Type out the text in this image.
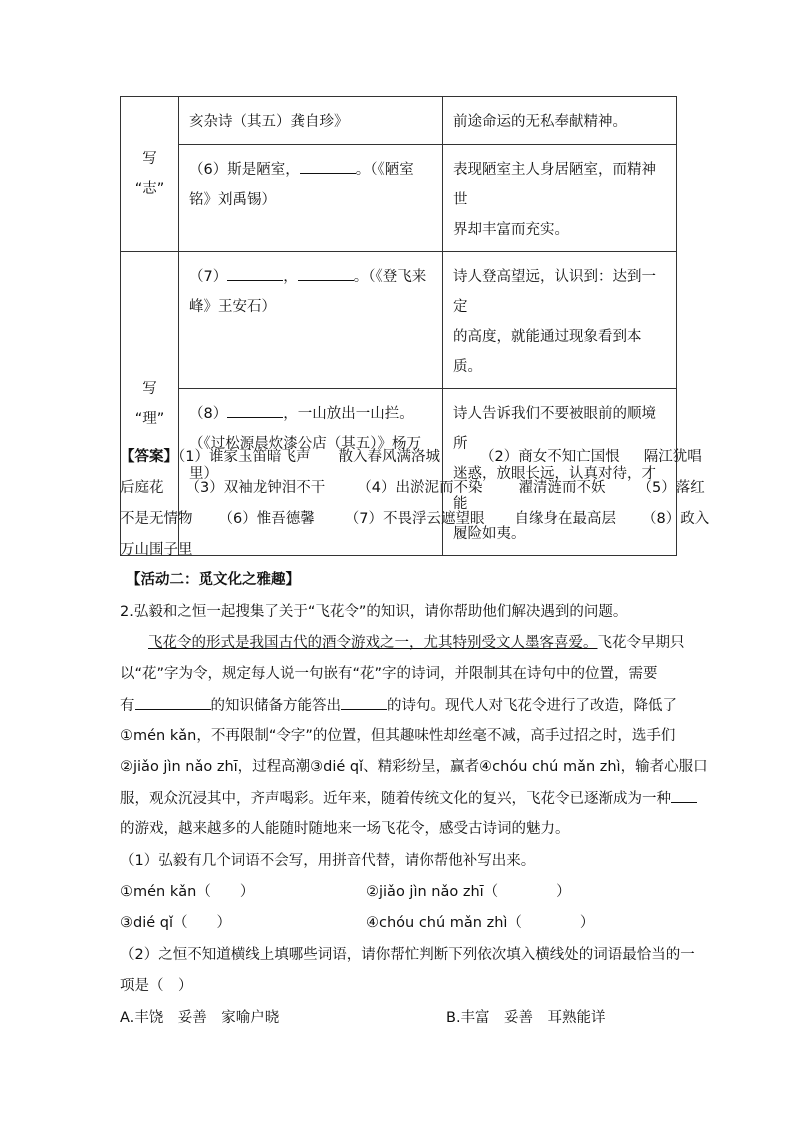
写
“志”	亥杂诗（其五）龚自珍》	前途命运的无私奉献精神。
	（6）斯是陋室， 。（《陋室
铭》刘禹锡）	表现陋室主人身居陋室，而精神世
界却丰富而充实。

写
“理”	（7） ， 。（《登飞来
峰》王安石）	诗人登高望远，认识到：达到一定
的高度，就能通过现象看到本质。
	（8） ，一山放出一山拦。
（《过松源晨炊漆公店（其五）》杨万
里）	诗人告诉我们不要被眼前的顺境所
迷惑，放眼长远，认真对待，才能
履险如夷。
【答案】（1）谁家玉笛暗飞声 散入春风满洛城	（2）商女不知亡国恨 隔江犹唱
后庭花 （3）双袖龙钟泪不干 （4）出淤泥而不染 濯清涟而不妖 （5）落红
不是无情物 （6）惟吾德馨 （7）不畏浮云遮望眼 自缘身在最高层 （8）政入
万山围子里
【活动二：觅文化之雅趣】
2.弘毅和之恒一起搜集了关于“飞花令”的知识，请你帮助他们解决遇到的问题。
飞花令的形式是我国古代的酒令游戏之一，尤其特别受文人墨客喜爱。飞花令早期只
以“花”字为令，规定每人说一句嵌有“花”字的诗词，并限制其在诗句中的位置，需要
有	的知识储备方能答出	的诗句。现代人对飞花令进行了改造，降低了
①mén kǎn，不再限制“令字”的位置，但其趣味性却丝毫不减，高手过招之时，选手们
②jiǎo jìn nǎo zhī，过程高潮③dié qǐ、精彩纷呈，赢者④chóu chú mǎn zhì，输者心服口
服，观众沉浸其中，齐声喝彩。近年来，随着传统文化的复兴，飞花令已逐渐成为一种
的游戏，越来越多的人能随时随地来一场飞花令，感受古诗词的魅力。
（1）弘毅有几个词语不会写，用拼音代替，请你帮他补写出来。
①mén kǎn（　　）	②jiǎo jìn nǎo zhī（　　　　）
③dié qǐ（　　）	④chóu chú mǎn zhì（　　　　）
（2）之恒不知道横线上填哪些词语，请你帮忙判断下列依次填入横线处的词语最恰当的一
项是（　）
A.丰饶　妥善　家喻户晓	B.丰富　妥善　耳熟能详
